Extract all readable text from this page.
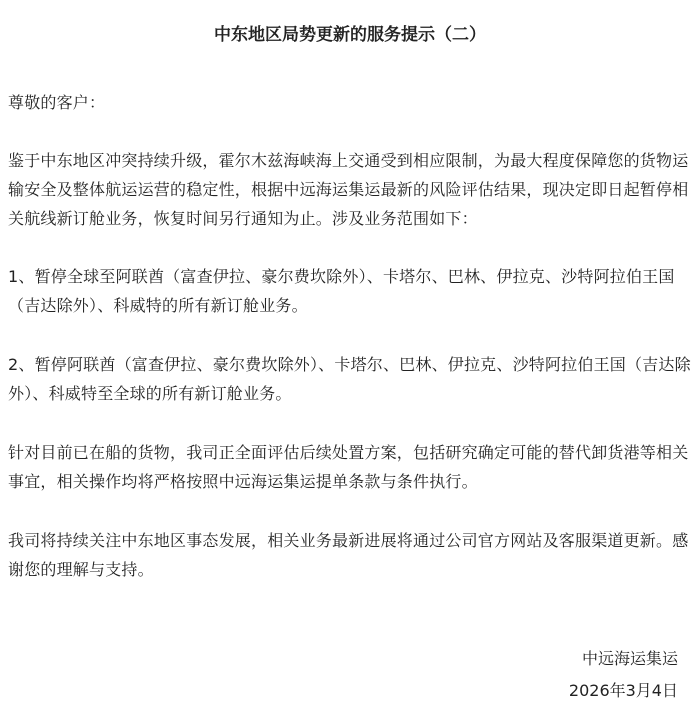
中东地区局势更新的服务提示（二）
尊敬的客户：
鉴于中东地区冲突持续升级，霍尔木兹海峡海上交通受到相应限制，为最大程度保障您的货物运输安全及整体航运运营的稳定性，根据中远海运集运最新的风险评估结果，现决定即日起暂停相关航线新订舱业务，恢复时间另行通知为止。涉及业务范围如下：
1、暂停全球至阿联酋（富查伊拉、豪尔费坎除外）、卡塔尔、巴林、伊拉克、沙特阿拉伯王国（吉达除外）、科威特的所有新订舱业务。
2、暂停阿联酋（富查伊拉、豪尔费坎除外）、卡塔尔、巴林、伊拉克、沙特阿拉伯王国（吉达除外）、科威特至全球的所有新订舱业务。
针对目前已在船的货物，我司正全面评估后续处置方案，包括研究确定可能的替代卸货港等相关事宜，相关操作均将严格按照中远海运集运提单条款与条件执行。
我司将持续关注中东地区事态发展，相关业务最新进展将通过公司官方网站及客服渠道更新。感谢您的理解与支持。
中远海运集运
2026年3月4日
